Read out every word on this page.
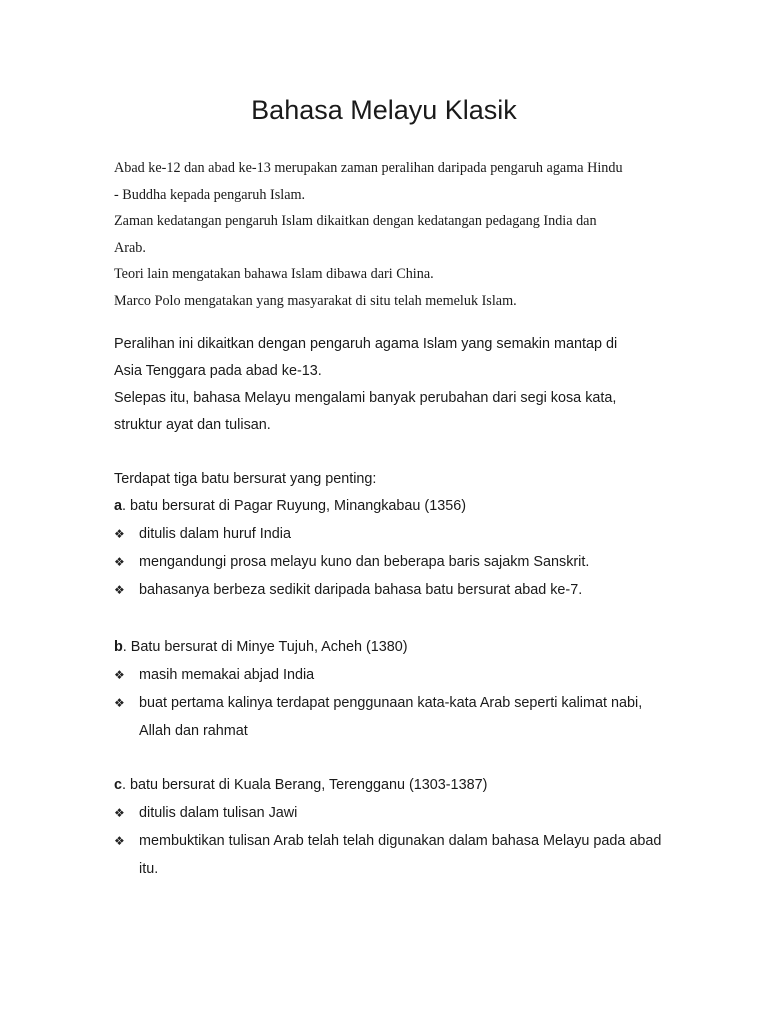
Bahasa Melayu Klasik

Abad ke-12 dan abad ke-13 merupakan zaman peralihan daripada pengaruh agama Hindu

- Buddha kepada pengaruh Islam.

Zaman kedatangan pengaruh Islam dikaitkan dengan kedatangan pedagang India dan

Arab.

Teori lain mengatakan bahawa Islam dibawa dari China.

Marco Polo mengatakan yang masyarakat di situ telah memeluk Islam.

Peralihan ini dikaitkan dengan pengaruh agama Islam yang semakin mantap di

Asia Tenggara pada abad ke-13.

Selepas itu, bahasa Melayu mengalami banyak perubahan dari segi kosa kata,

struktur ayat dan tulisan.

Terdapat tiga batu bersurat yang penting:

a. batu bersurat di Pagar Ruyung, Minangkabau (1356)

❖ ditulis dalam huruf India
❖ mengandungi prosa melayu kuno dan beberapa baris sajakm Sanskrit.
❖ bahasanya berbeza sedikit daripada bahasa batu bersurat abad ke-7.

b. Batu bersurat di Minye Tujuh, Acheh (1380)

❖ masih memakai abjad India
❖ buat pertama kalinya terdapat penggunaan kata-kata Arab seperti kalimat nabi, Allah dan rahmat

c. batu bersurat di Kuala Berang, Terengganu (1303-1387)

❖ ditulis dalam tulisan Jawi
❖ membuktikan tulisan Arab telah telah digunakan dalam bahasa Melayu pada abad itu.
